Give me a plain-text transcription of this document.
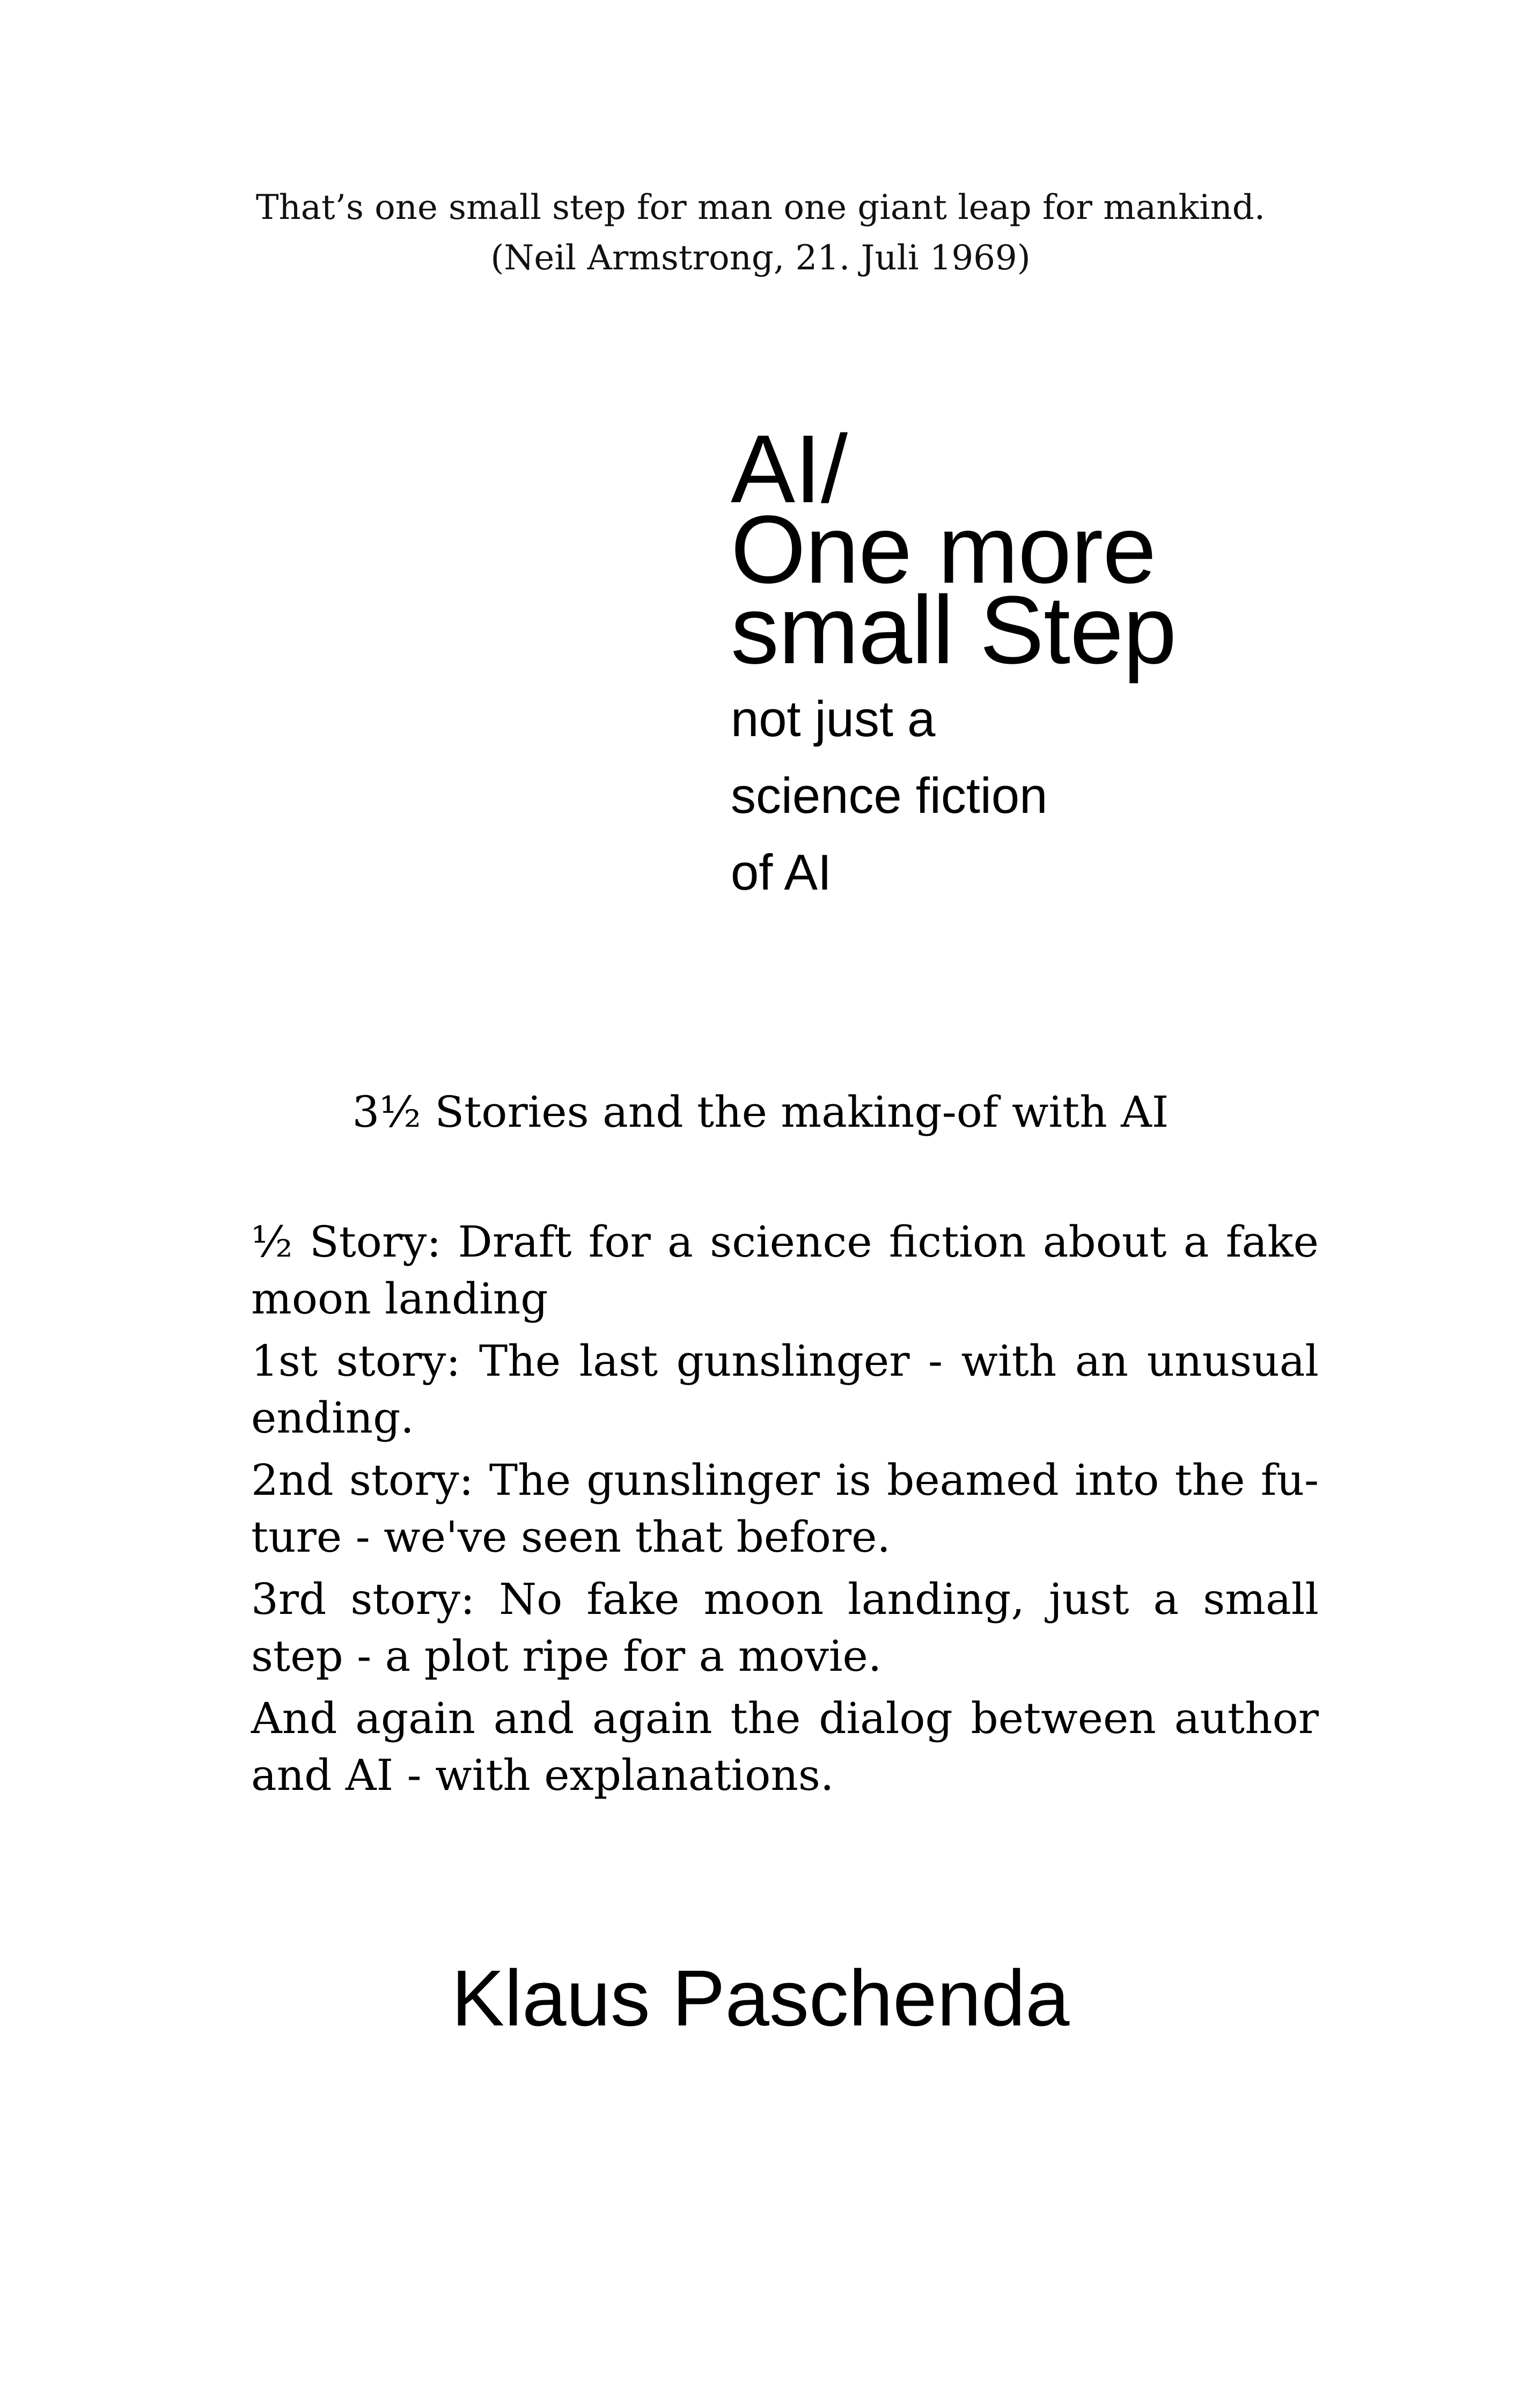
That’s one small step for man one giant leap for mankind.
(Neil Armstrong, 21. Juli 1969)
AI/
One more
small Step
not just a
science fiction
of AI
3½ Stories and the making-of with AI

½ Story: Draft for a science fiction about a fake moon landing

1st story: The last gunslinger - with an unusual ending.

2nd story: The gunslinger is beamed into the fu- ture - we've seen that before.

3rd story: No fake moon landing, just a small step - a plot ripe for a movie.

And again and again the dialog between author and AI - with explanations.

Klaus Paschenda
